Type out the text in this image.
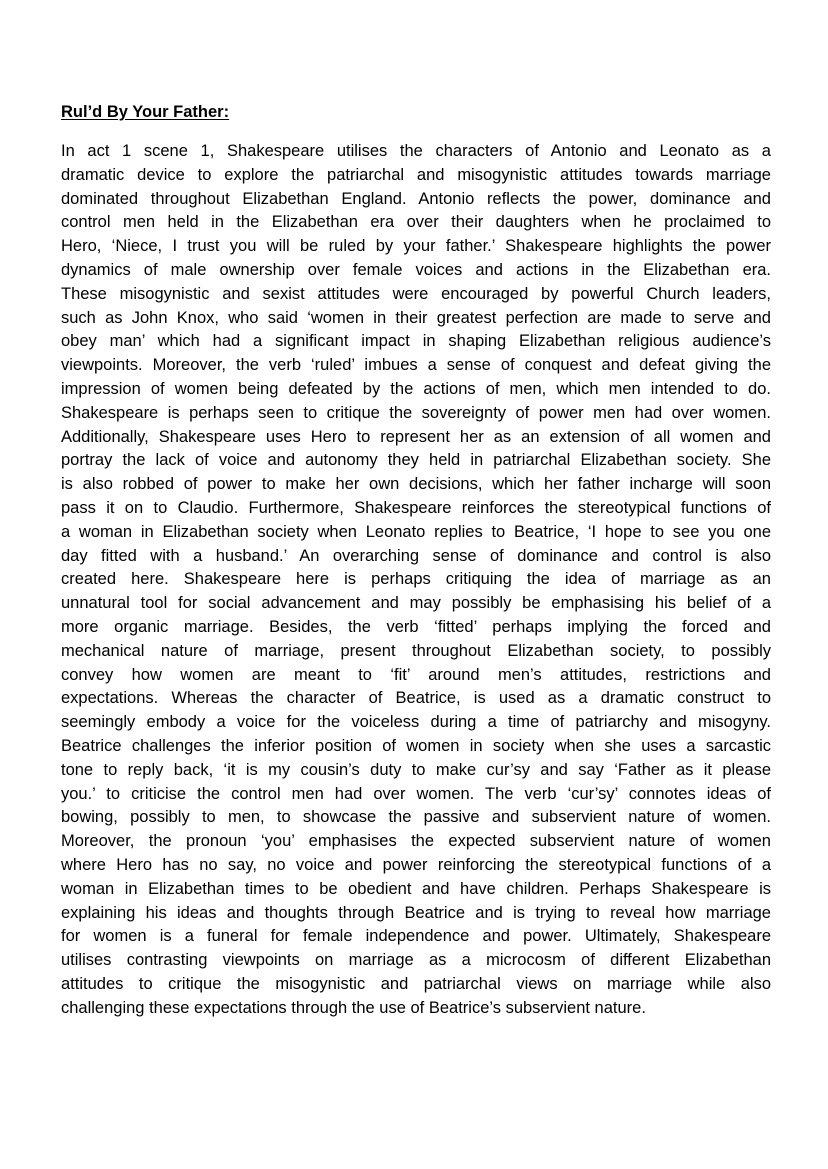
Rul’d By Your Father:
In act 1 scene 1, Shakespeare utilises the characters of Antonio and Leonato as a
dramatic device to explore the patriarchal and misogynistic attitudes towards marriage
dominated throughout Elizabethan England. Antonio reflects the power, dominance and
control men held in the Elizabethan era over their daughters when he proclaimed to
Hero, ‘Niece, I trust you will be ruled by your father.’ Shakespeare highlights the power
dynamics of male ownership over female voices and actions in the Elizabethan era.
These misogynistic and sexist attitudes were encouraged by powerful Church leaders,
such as John Knox, who said ‘women in their greatest perfection are made to serve and
obey man’ which had a significant impact in shaping Elizabethan religious audience’s
viewpoints. Moreover, the verb ‘ruled’ imbues a sense of conquest and defeat giving the
impression of women being defeated by the actions of men, which men intended to do.
Shakespeare is perhaps seen to critique the sovereignty of power men had over women.
Additionally, Shakespeare uses Hero to represent her as an extension of all women and
portray the lack of voice and autonomy they held in patriarchal Elizabethan society. She
is also robbed of power to make her own decisions, which her father incharge will soon
pass it on to Claudio. Furthermore, Shakespeare reinforces the stereotypical functions of
a woman in Elizabethan society when Leonato replies to Beatrice, ‘I hope to see you one
day fitted with a husband.’ An overarching sense of dominance and control is also
created here. Shakespeare here is perhaps critiquing the idea of marriage as an
unnatural tool for social advancement and may possibly be emphasising his belief of a
more organic marriage. Besides, the verb ‘fitted’ perhaps implying the forced and
mechanical nature of marriage, present throughout Elizabethan society, to possibly
convey how women are meant to ‘fit’ around men’s attitudes, restrictions and
expectations. Whereas the character of Beatrice, is used as a dramatic construct to
seemingly embody a voice for the voiceless during a time of patriarchy and misogyny.
Beatrice challenges the inferior position of women in society when she uses a sarcastic
tone to reply back, ‘it is my cousin’s duty to make cur’sy and say ‘Father as it please
you.’ to criticise the control men had over women. The verb ‘cur’sy’ connotes ideas of
bowing, possibly to men, to showcase the passive and subservient nature of women.
Moreover, the pronoun ‘you’ emphasises the expected subservient nature of women
where Hero has no say, no voice and power reinforcing the stereotypical functions of a
woman in Elizabethan times to be obedient and have children. Perhaps Shakespeare is
explaining his ideas and thoughts through Beatrice and is trying to reveal how marriage
for women is a funeral for female independence and power. Ultimately, Shakespeare
utilises contrasting viewpoints on marriage as a microcosm of different Elizabethan
attitudes to critique the misogynistic and patriarchal views on marriage while also
challenging these expectations through the use of Beatrice’s subservient nature.
